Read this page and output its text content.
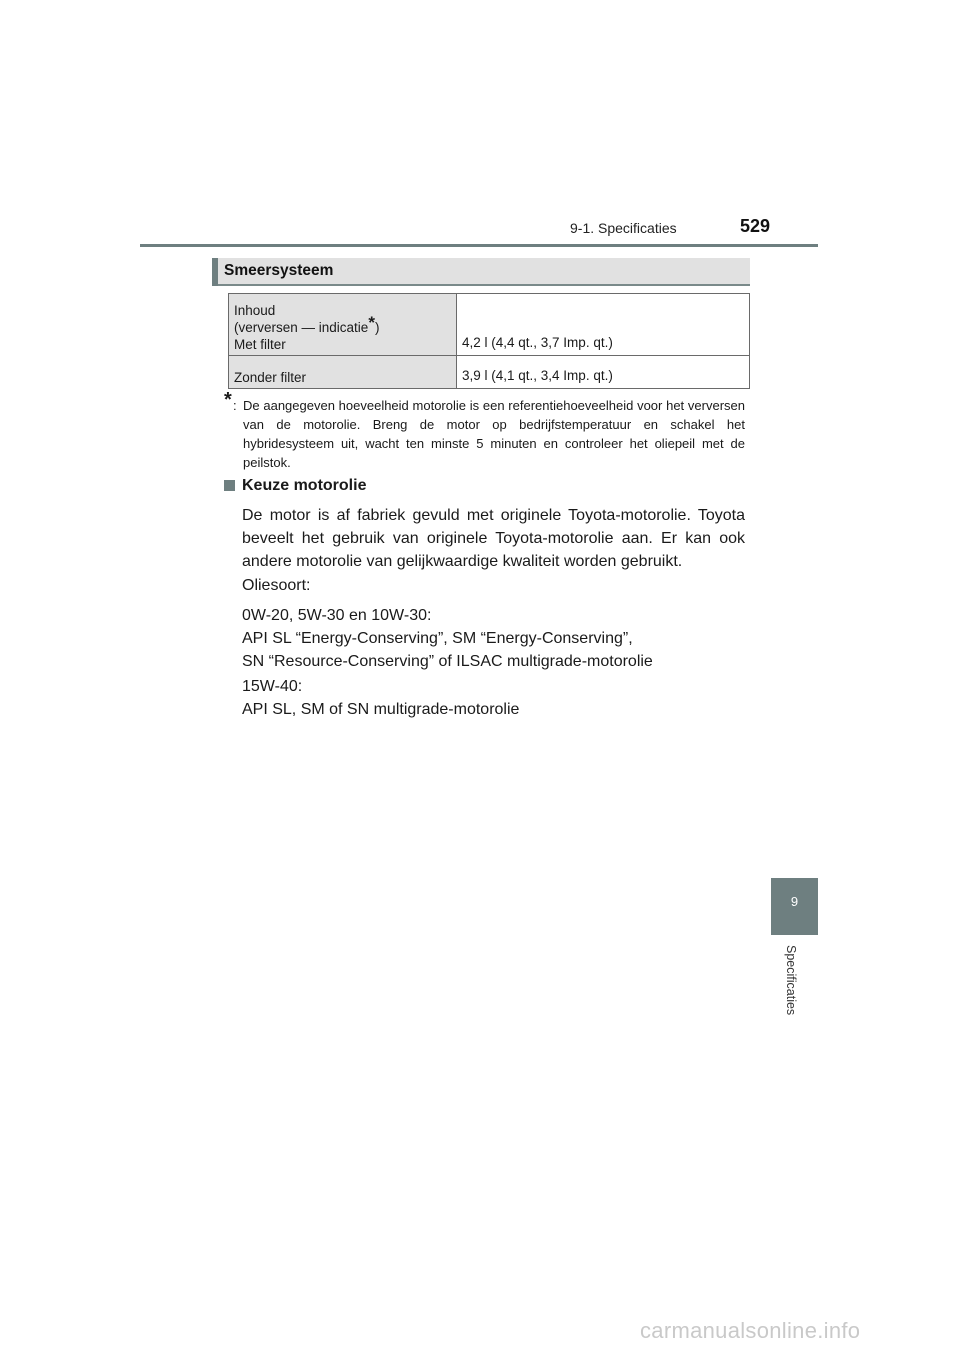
9-1. Specificaties	529
Smeersysteem
Inhoud
(verversen — indicatie*)
Met filter	4,2 l (4,4 qt., 3,7 Imp. qt.)
Zonder filter	3,9 l (4,1 qt., 3,4 Imp. qt.)
* : De aangegeven hoeveelheid motorolie is een referentiehoeveelheid voor het verversen van de motorolie. Breng de motor op bedrijfstemperatuur en schakel het hybridesysteem uit, wacht ten minste 5 minuten en controleer het oliepeil met de peilstok.
Keuze motorolie
De motor is af fabriek gevuld met originele Toyota-motorolie. Toyota beveelt het gebruik van originele Toyota-motorolie aan. Er kan ook andere motorolie van gelijkwaardige kwaliteit worden gebruikt.
Oliesoort:
0W-20, 5W-30 en 10W-30:
API SL “Energy-Conserving”, SM “Energy-Conserving”,
SN “Resource-Conserving” of ILSAC multigrade-motorolie
15W-40:
API SL, SM of SN multigrade-motorolie
9
Specificaties
carmanualsonline.info
